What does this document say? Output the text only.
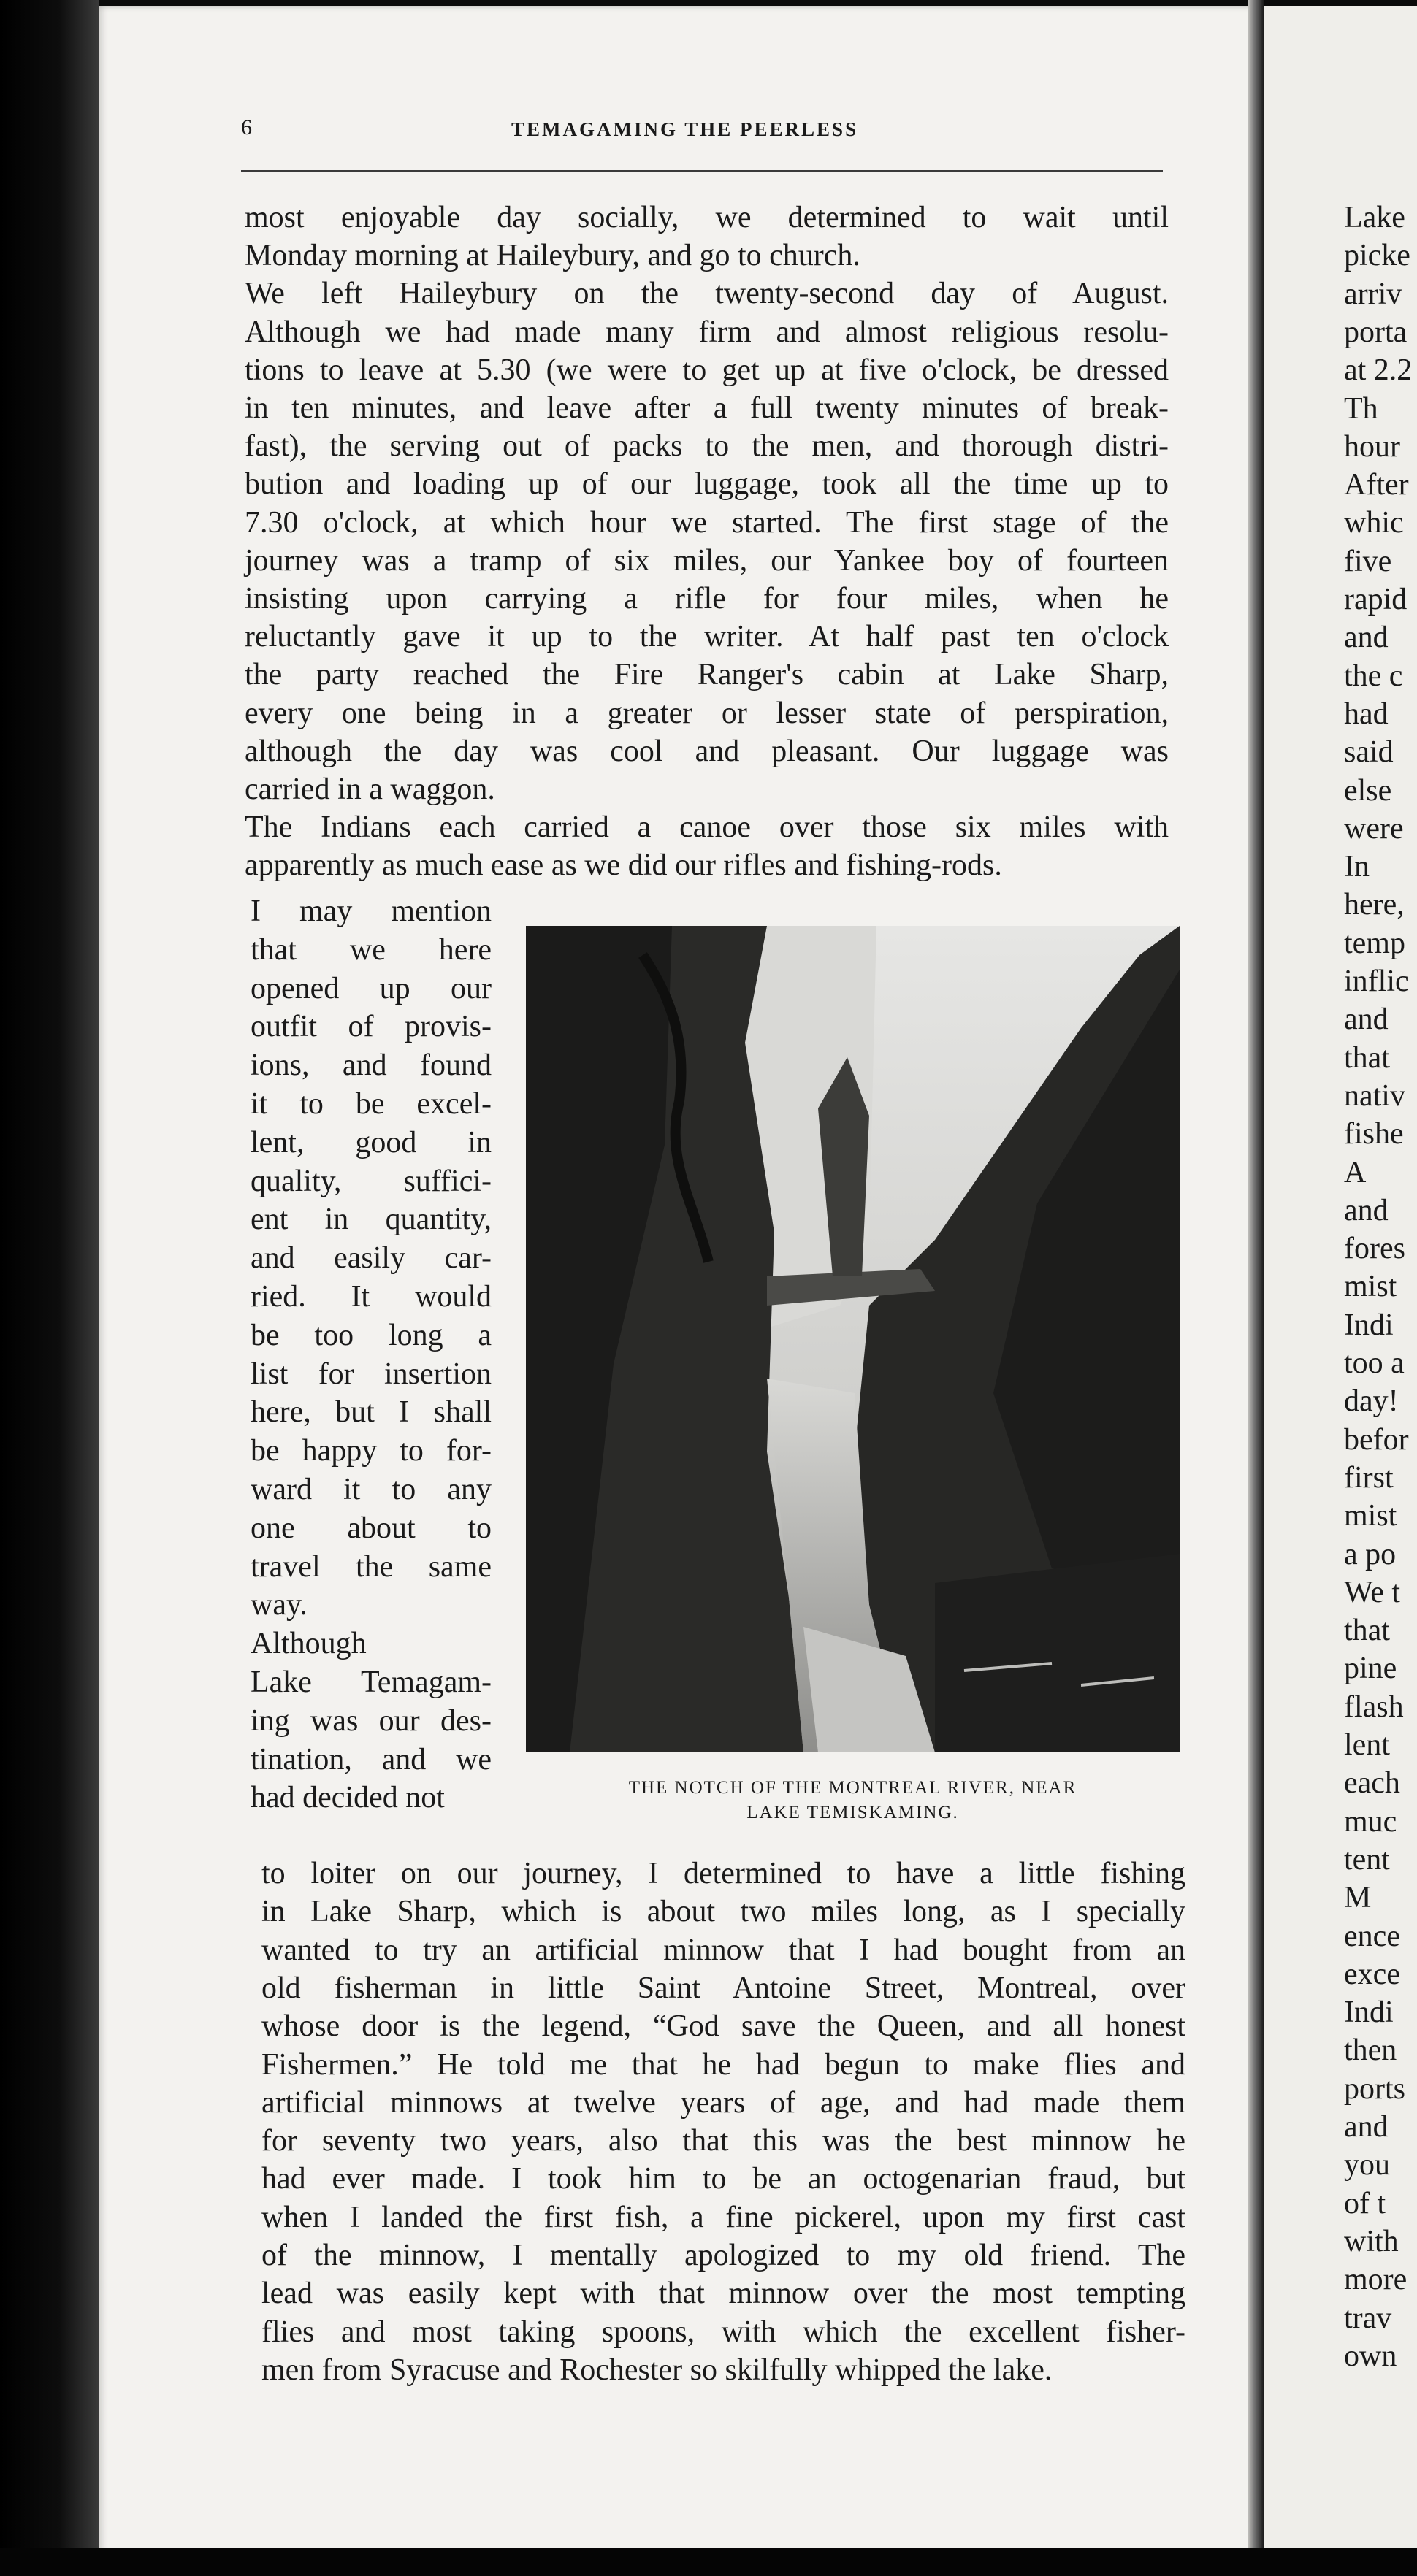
6	TEMAGAMING THE PEERLESS
most enjoyable day socially, we determined to wait until
Monday morning at Haileybury, and go to church.
We left Haileybury on the twenty-second day of August.
Although we had made many firm and almost religious resolu-
tions to leave at 5.30 (we were to get up at five o'clock, be dressed
in ten minutes, and leave after a full twenty minutes of break-
fast), the serving out of packs to the men, and thorough distri-
bution and loading up of our luggage, took all the time up to
7.30 o'clock, at which hour we started. The first stage of the
journey was a tramp of six miles, our Yankee boy of fourteen
insisting upon carrying a rifle for four miles, when he
reluctantly gave it up to the writer. At half past ten o'clock
the party reached the Fire Ranger's cabin at Lake Sharp,
every one being in a greater or lesser state of perspiration,
although the day was cool and pleasant. Our luggage was
carried in a waggon.
The Indians each carried a canoe over those six miles with
apparently as much ease as we did our rifles and fishing-rods.
I may mention
that we here
opened up our
outfit of provis-
ions, and found
it to be excel-
lent, good in
quality, suffici-
ent in quantity,
and easily car-
ried. It would
be too long a
list for insertion
here, but I shall
be happy to for-
ward it to any
one about to
travel the same
way.
Although
Lake Temagam-
ing was our des-
tination, and we
had decided not
to loiter on our journey, I determined to have a little fishing
in Lake Sharp, which is about two miles long, as I specially
wanted to try an artificial minnow that I had bought from an
old fisherman in little Saint Antoine Street, Montreal, over
whose door is the legend, “God save the Queen, and all honest
Fishermen.” He told me that he had begun to make flies and
artificial minnows at twelve years of age, and had made them
for seventy two years, also that this was the best minnow he
had ever made. I took him to be an octogenarian fraud, but
when I landed the first fish, a fine pickerel, upon my first cast
of the minnow, I mentally apologized to my old friend. The
lead was easily kept with that minnow over the most tempting
flies and most taking spoons, with which the excellent fisher-
men from Syracuse and Rochester so skilfully whipped the lake.
THE NOTCH OF THE MONTREAL RIVER, NEAR
LAKE TEMISKAMING.
Lake
picke
arriv
porta
at 2.2
Th
hour
After
whic
five
rapid
and
the c
had
said
else
were
In
here,
temp
inflic
and
that
nativ
fishe
A
and
fores
mist
Indi
too a
day!
befor
first
mist
a po
We t
that
pine
flash
lent
each
muc
tent
M
ence
exce
Indi
then
ports
and
you
of t
with
more
trav
own
